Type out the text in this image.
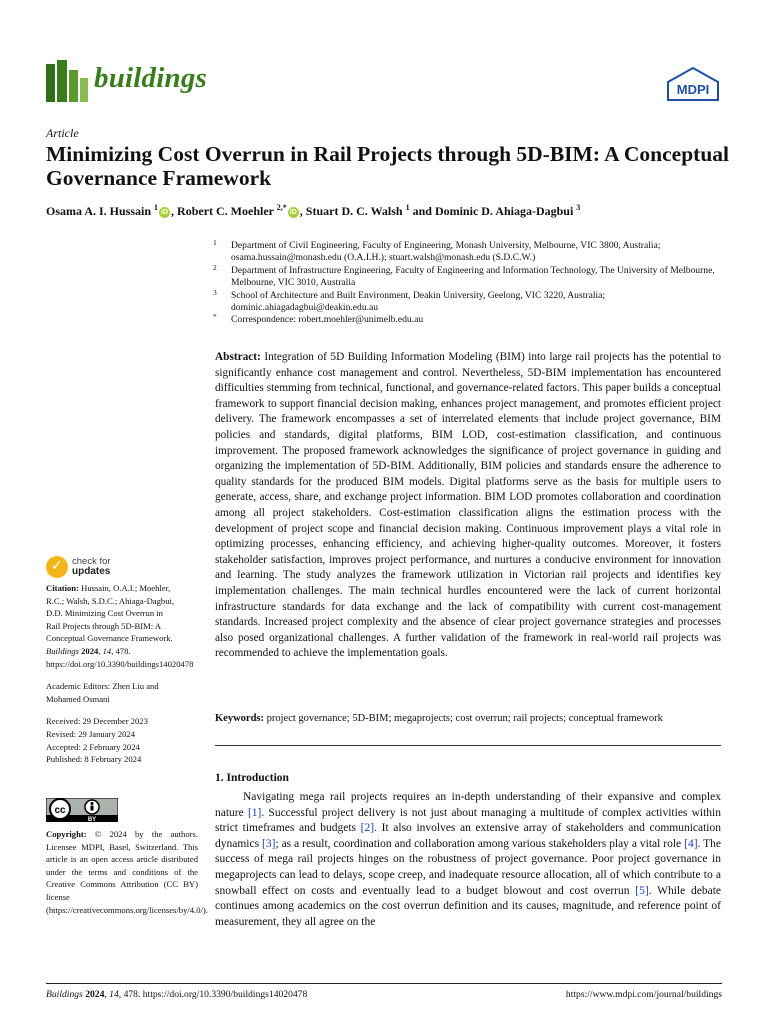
buildings	MDPI
Article
Minimizing Cost Overrun in Rail Projects through 5D-BIM: A Conceptual Governance Framework
Osama A. I. Hussain $^1$iD , Robert C. Moehler $^{2,*}$iD , Stuart D. C. Walsh $^1$ and Dominic D. Ahiaga-Dagbui $^3$
1 Department of Civil Engineering, Faculty of Engineering, Monash University, Melbourne, VIC 3800, Australia; osama.hussain@monash.edu (O.A.I.H.); stuart.walsh@monash.edu (S.D.C.W.)
2 Department of Infrastructure Engineering, Faculty of Engineering and Information Technology, The University of Melbourne, Melbourne, VIC 3010, Australia
3 School of Architecture and Built Environment, Deakin University, Geelong, VIC 3220, Australia; dominic.ahiagadagbui@deakin.edu.au
* Correspondence: robert.moehler@unimelb.edu.au
Abstract: Integration of 5D Building Information Modeling (BIM) into large rail projects has the potential to significantly enhance cost management and control. Nevertheless, 5D-BIM implementation has encountered difficulties stemming from technical, functional, and governance-related factors. This paper builds a conceptual framework to support financial decision making, enhances project management, and promotes efficient project delivery. The framework encompasses a set of interrelated elements that include project governance, BIM policies and standards, digital platforms, BIM LOD, cost-estimation classification, and continuous improvement. The proposed framework acknowledges the significance of project governance in guiding and organizing the implementation of 5D-BIM. Additionally, BIM policies and standards ensure the adherence to quality standards for the produced BIM models. Digital platforms serve as the basis for multiple users to generate, access, share, and exchange project information. BIM LOD promotes collaboration and coordination among all project stakeholders. Cost-estimation classification aligns the estimation process with the development of project scope and financial decision making. Continuous improvement plays a vital role in optimizing processes, enhancing efficiency, and achieving higher-quality outcomes. Moreover, it fosters stakeholder satisfaction, improves project performance, and nurtures a conducive environment for innovation and learning. The study analyzes the framework utilization in Victorian rail projects and identifies key implementation challenges. The main technical hurdles encountered were the lack of current horizontal infrastructure standards for data exchange and the lack of compatibility with current cost-management standards. Increased project complexity and the absence of clear project governance strategies and processes also posed organizational challenges. A further validation of the framework in real-world rail projects was recommended to achieve the implementation goals.
Keywords: project governance; 5D-BIM; megaprojects; cost overrun; rail projects; conceptual framework
1. Introduction
Navigating mega rail projects requires an in-depth understanding of their expansive and complex nature [1]. Successful project delivery is not just about managing a multitude of complex activities within strict timeframes and budgets [2]. It also involves an extensive array of stakeholders and communication dynamics [3]; as a result, coordination and collaboration among various stakeholders play a vital role [4]. The success of mega rail projects hinges on the robustness of project governance. Poor project governance in megaprojects can lead to delays, scope creep, and inadequate resource allocation, all of which contribute to a snowball effect on costs and eventually lead to a budget blowout and cost overrun [5]. While debate continues among academics on the cost overrun definition and its causes, magnitude, and reference point of measurement, they all agree on the
✓ check for
updates
Citation: Hussain, O.A.I.; Moehler, R.C.; Walsh, S.D.C.; Ahiaga-Dagbui, D.D. Minimizing Cost Overrun in Rail Projects through 5D-BIM: A Conceptual Governance Framework. Buildings 2024, 14, 478. https://doi.org/10.3390/buildings14020478
Academic Editors: Zhen Liu and Mohamed Osmani
Received: 29 December 2023
Revised: 29 January 2024
Accepted: 2 February 2024
Published: 8 February 2024
cc
BY
Copyright: © 2024 by the authors. Licensee MDPI, Basel, Switzerland. This article is an open access article distributed under the terms and conditions of the Creative Commons Attribution (CC BY) license (https://creativecommons.org/licenses/by/4.0/).
Buildings 2024, 14, 478. https://doi.org/10.3390/buildings14020478	https://www.mdpi.com/journal/buildings
